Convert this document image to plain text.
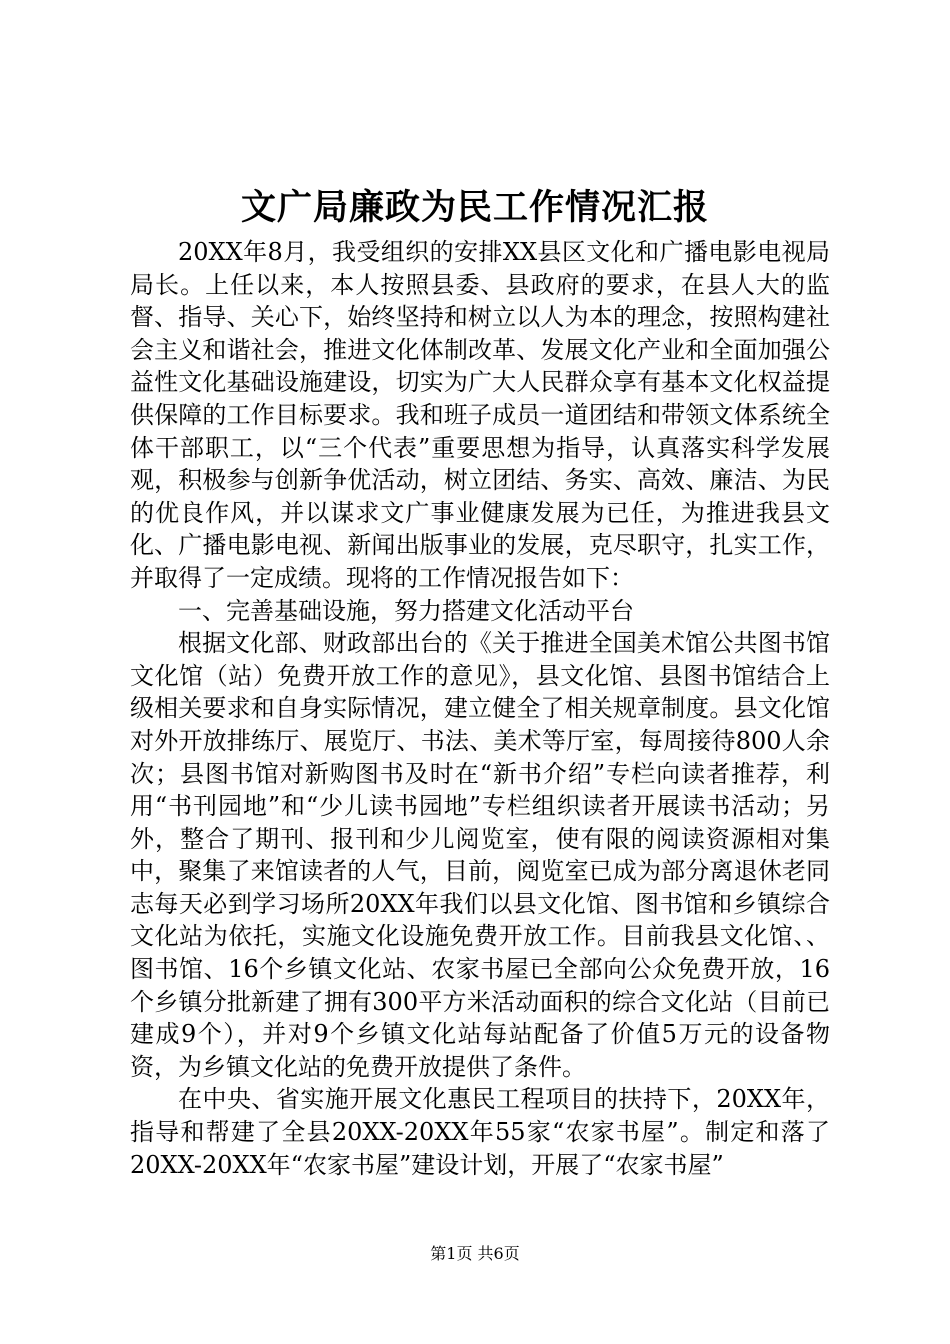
文广局廉政为民工作情况汇报

20XX年8月，我受组织的安排XX县区文化和广播电影电视局局长。上任以来，本人按照县委、县政府的要求，在县人大的监督、指导、关心下，始终坚持和树立以人为本的理念，按照构建社会主义和谐社会，推进文化体制改革、发展文化产业和全面加强公益性文化基础设施建设，切实为广大人民群众享有基本文化权益提供保障的工作目标要求。我和班子成员一道团结和带领文体系统全体干部职工，以“三个代表”重要思想为指导，认真落实科学发展观，积极参与创新争优活动，树立团结、务实、高效、廉洁、为民的优良作风，并以谋求文广事业健康发展为已任，为推进我县文化、广播电影电视、新闻出版事业的发展，克尽职守，扎实工作，并取得了一定成绩。现将的工作情况报告如下：

一、完善基础设施，努力搭建文化活动平台

根据文化部、财政部出台的《关于推进全国美术馆公共图书馆文化馆（站）免费开放工作的意见》，县文化馆、县图书馆结合上级相关要求和自身实际情况，建立健全了相关规章制度。县文化馆对外开放排练厅、展览厅、书法、美术等厅室，每周接待800人余次；县图书馆对新购图书及时在“新书介绍”专栏向读者推荐，利用“书刊园地”和“少儿读书园地”专栏组织读者开展读书活动；另外，整合了期刊、报刊和少儿阅览室，使有限的阅读资源相对集中，聚集了来馆读者的人气，目前，阅览室已成为部分离退休老同志每天必到学习场所20XX年我们以县文化馆、图书馆和乡镇综合文化站为依托，实施文化设施免费开放工作。目前我县文化馆、、图书馆、16个乡镇文化站、农家书屋已全部向公众免费开放，16个乡镇分批新建了拥有300平方米活动面积的综合文化站（目前已建成9个），并对9个乡镇文化站每站配备了价值5万元的设备物资，为乡镇文化站的免费开放提供了条件。

在中央、省实施开展文化惠民工程项目的扶持下，20XX年，指导和帮建了全县20XX-20XX年55家“农家书屋”。制定和落了20XX-20XX年“农家书屋”建设计划，开展了“农家书屋”

第1页 共6页
